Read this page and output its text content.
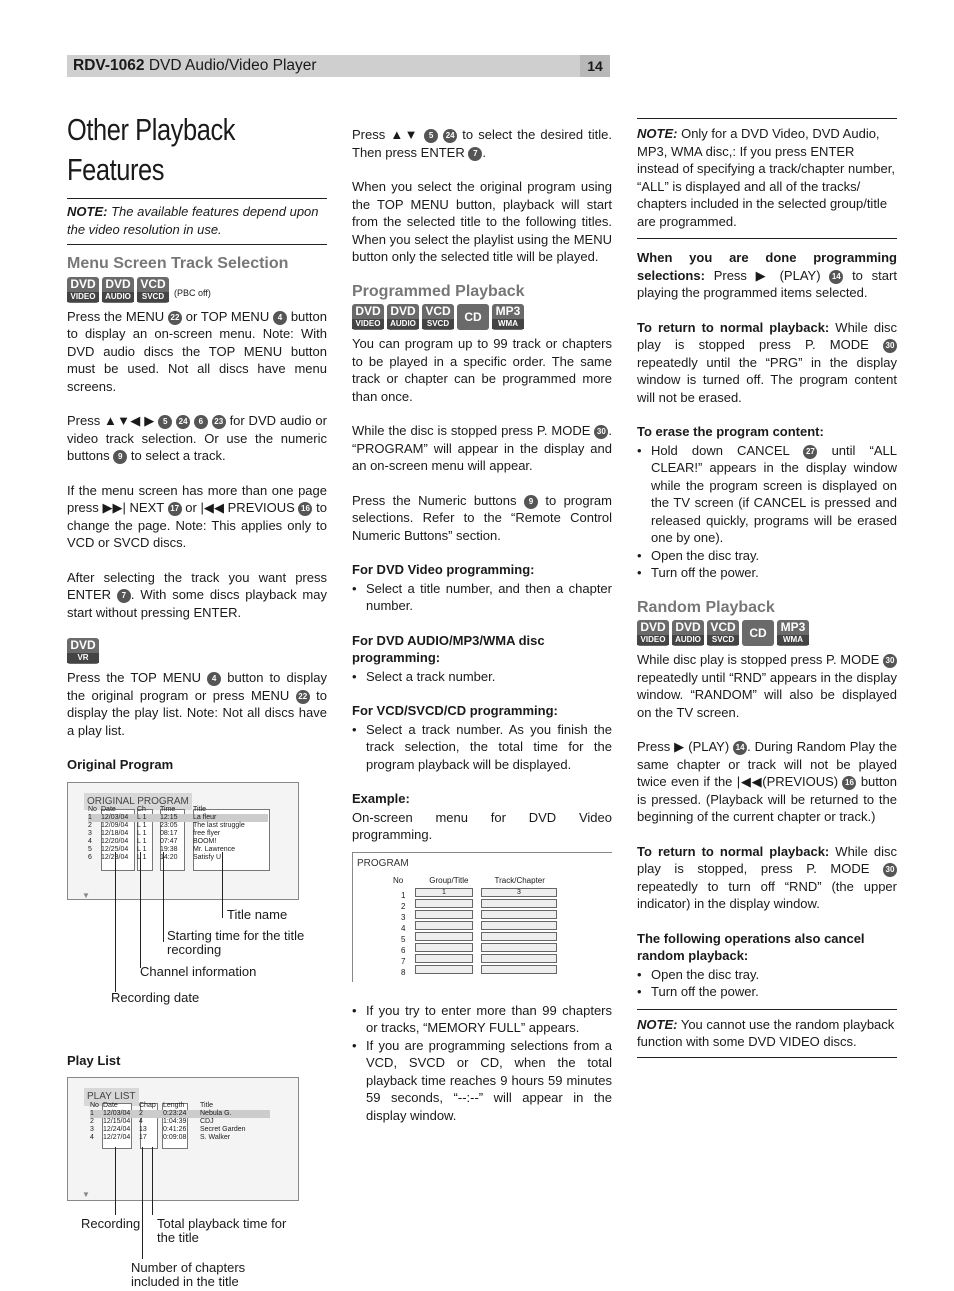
RDV-1062 DVD Audio/Video Player	14
Other Playback Features
NOTE: The available features depend upon the video resolution in use.
Menu Screen Track Selection
DVD
VIDEO
DVD
AUDIO
VCD
SVCD	(PBC off)

Press the MENU 22 or TOP MENU 4 button to display an on-screen menu. Note: With DVD audio discs the TOP MENU button must be used. Not all discs have menu screens.

Press ▲▼◀ ▶ 5 24 6 23 for DVD audio or video track selection. Or use the numeric buttons 9 to select a track.

If the menu screen has more than one page press ▶▶| NEXT 17 or |◀◀ PREVIOUS 16 to change the page. Note: This applies only to VCD or SVCD discs.

After selecting the track you want press ENTER 7 . With some discs playback may start without pressing ENTER.

DVD
VR

Press the TOP MENU 4 button to display the original program or press MENU 22 to display the play list. Note: Not all discs have a play list.

Original Program
ORIGINAL PROGRAM
No Date	Ch	Time	Title
1	12/03/04	L 1	12:15	La fleur
2	12/09/04	L 1	23:05	The last struggle
3	12/18/04	L 1	08:17	free flyer
4	12/20/04	L 1	07:47	BOOM!
5	12/25/04	L 1	19:38	Mr. Lawrence
6	12/28/04	L 1	14:20	Satisfy U
▼
Title name
Starting time for the title recording
Channel information
Recording date
Play List
PLAY LIST
No Date	Chap	Length	Title
1	12/03/04	2	0:23:24	Nebula G.
2	12/15/04	4	1:04:39	CDJ
3	12/24/04	13	0:41:26	Secret Garden
4	12/27/04	17	0:09:08	S. Walker
▼
Recording Total playback time for the title
Number of chapters included in the title

Press ▲▼ 5 24 to select the desired title. Then press ENTER 7 .

When you select the original program using the TOP MENU button, playback will start from the selected title to the following titles. When you select the playlist using the MENU button only the selected title will be played.

Programmed Playback
DVD
VIDEO
DVD
AUDIO
VCD
SVCD	CD	MP3
WMA

You can program up to 99 track or chapters to be played in a specific order. The same track or chapter can be programmed more than once.

While the disc is stopped press P. MODE 30 . “PROGRAM” will appear in the display and an on-screen menu will appear.

Press the Numeric buttons 9 to program selections. Refer to the “Remote Control Numeric Buttons” section.

For DVD Video programming:
• Select a title number, and then a chapter number.
For DVD AUDIO/MP3/WMA disc programming:
• Select a track number.
For VCD/SVCD/CD programming:
• Select a track number. As you finish the track selection, the total time for the program playback will be displayed.
Example:

On-screen menu for DVD Video programming.

PROGRAM
No	Group/Title	Track/Chapter
1	1	3
2
3
4
5
6
7
8
• If you try to enter more than 99 chapters or tracks, “MEMORY FULL” appears.
• If you are programming selections from a VCD, SVCD or CD, when the total playback time reaches 9 hours 59 minutes 59 seconds, “--:--” will appear in the display window.
NOTE: Only for a DVD Video, DVD Audio, MP3, WMA disc,: If you press ENTER instead of specifying a track/chapter number, “ALL” is displayed and all of the tracks/ chapters included in the selected group/title are programmed.

When you are done programming selections: Press ▶ (PLAY) 14 to start playing the programmed items selected.

To return to normal playback: While disc play is stopped press P. MODE 30 repeatedly until the “PRG” in the display window is turned off. The program content will not be erased.

To erase the program content:
• Hold down CANCEL 27 until “ALL CLEAR!” appears in the display window while the program screen is displayed on the TV screen (if CANCEL is pressed and released quickly, programs will be erased one by one).
• Open the disc tray.
• Turn off the power.
Random Playback
DVD
VIDEO
DVD
AUDIO
VCD
SVCD	CD	MP3
WMA

While disc play is stopped press P. MODE 30 repeatedly until “RND” appears in the display window. “RANDOM” will also be displayed on the TV screen.

Press ▶ (PLAY) 14 . During Random Play the same chapter or track will not be played twice even if the |◀◀(PREVIOUS) 16 button is pressed. (Playback will be returned to the beginning of the current chapter or track.)

To return to normal playback: While disc play is stopped, press P. MODE 30 repeatedly to turn off “RND” (the upper indicator) in the display window.

The following operations also cancel random playback:
• Open the disc tray.
• Turn off the power.
NOTE: You cannot use the random playback function with some DVD VIDEO discs.
